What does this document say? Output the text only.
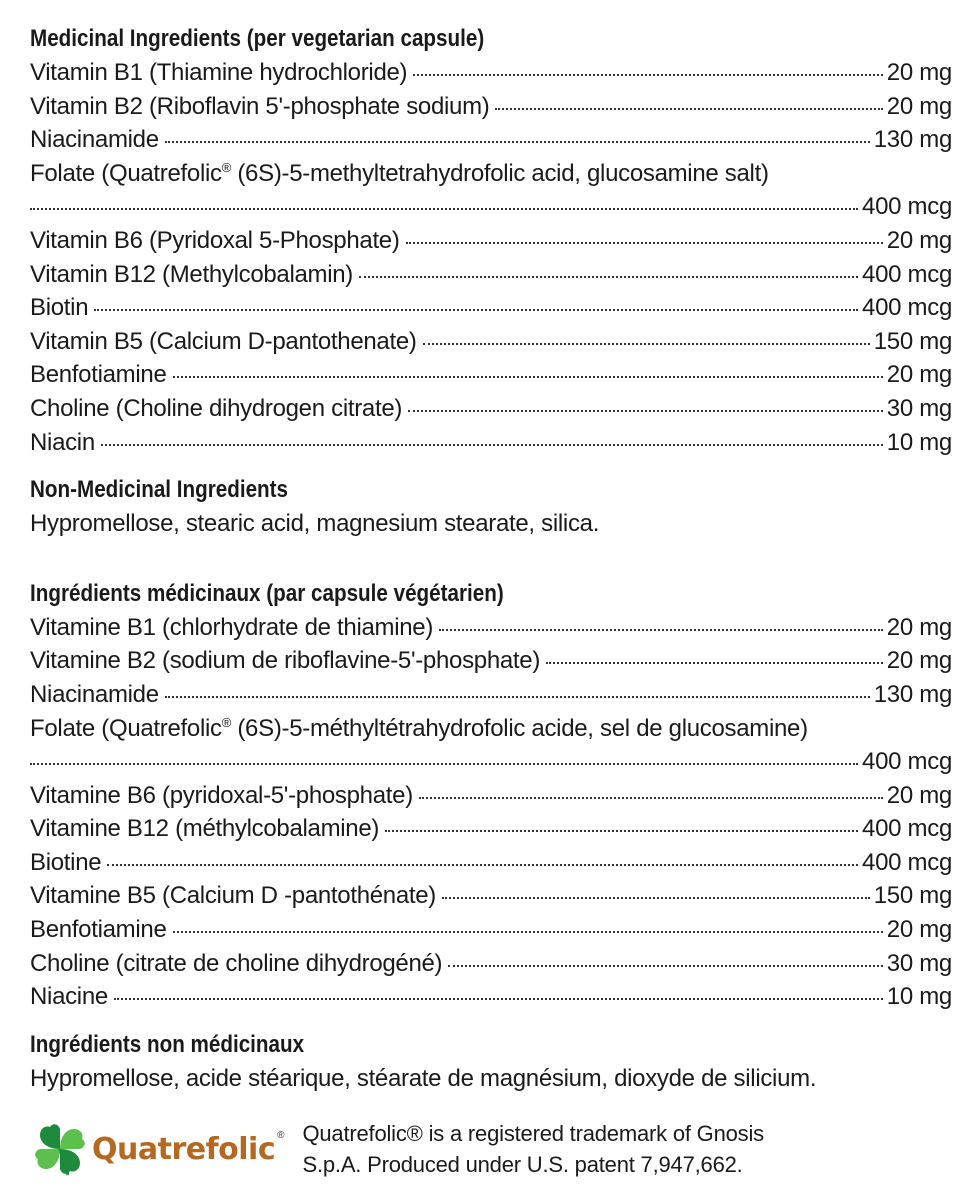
Medicinal Ingredients (per vegetarian capsule)
Vitamin B1 (Thiamine hydrochloride)	20 mg
Vitamin B2 (Riboflavin 5'-phosphate sodium)	20 mg
Niacinamide	130 mg
Folate (Quatrefolic® (6S)-5-methyltetrahydrofolic acid, glucosamine salt)
400 mcg
Vitamin B6 (Pyridoxal 5-Phosphate)	20 mg
Vitamin B12 (Methylcobalamin)	400 mcg
Biotin	400 mcg
Vitamin B5 (Calcium D-pantothenate)	150 mg
Benfotiamine	20 mg
Choline (Choline dihydrogen citrate)	30 mg
Niacin	10 mg
Non-Medicinal Ingredients
Hypromellose, stearic acid, magnesium stearate, silica.
Ingrédients médicinaux (par capsule végétarien)
Vitamine B1 (chlorhydrate de thiamine)	20 mg
Vitamine B2 (sodium de riboflavine-5'-phosphate)	20 mg
Niacinamide	130 mg
Folate (Quatrefolic® (6S)-5-méthyltétrahydrofolic acide, sel de glucosamine)
400 mcg
Vitamine B6 (pyridoxal-5'-phosphate)	20 mg
Vitamine B12 (méthylcobalamine)	400 mcg
Biotine	400 mcg
Vitamine B5 (Calcium D -pantothénate)	150 mg
Benfotiamine	20 mg
Choline (citrate de choline dihydrogéné)	30 mg
Niacine	10 mg
Ingrédients non médicinaux
Hypromellose, acide stéarique, stéarate de magnésium, dioxyde de silicium.
Quatrefolic ® Quatrefolic® is a registered trademark of Gnosis
S.p.A. Produced under U.S. patent 7,947,662.
